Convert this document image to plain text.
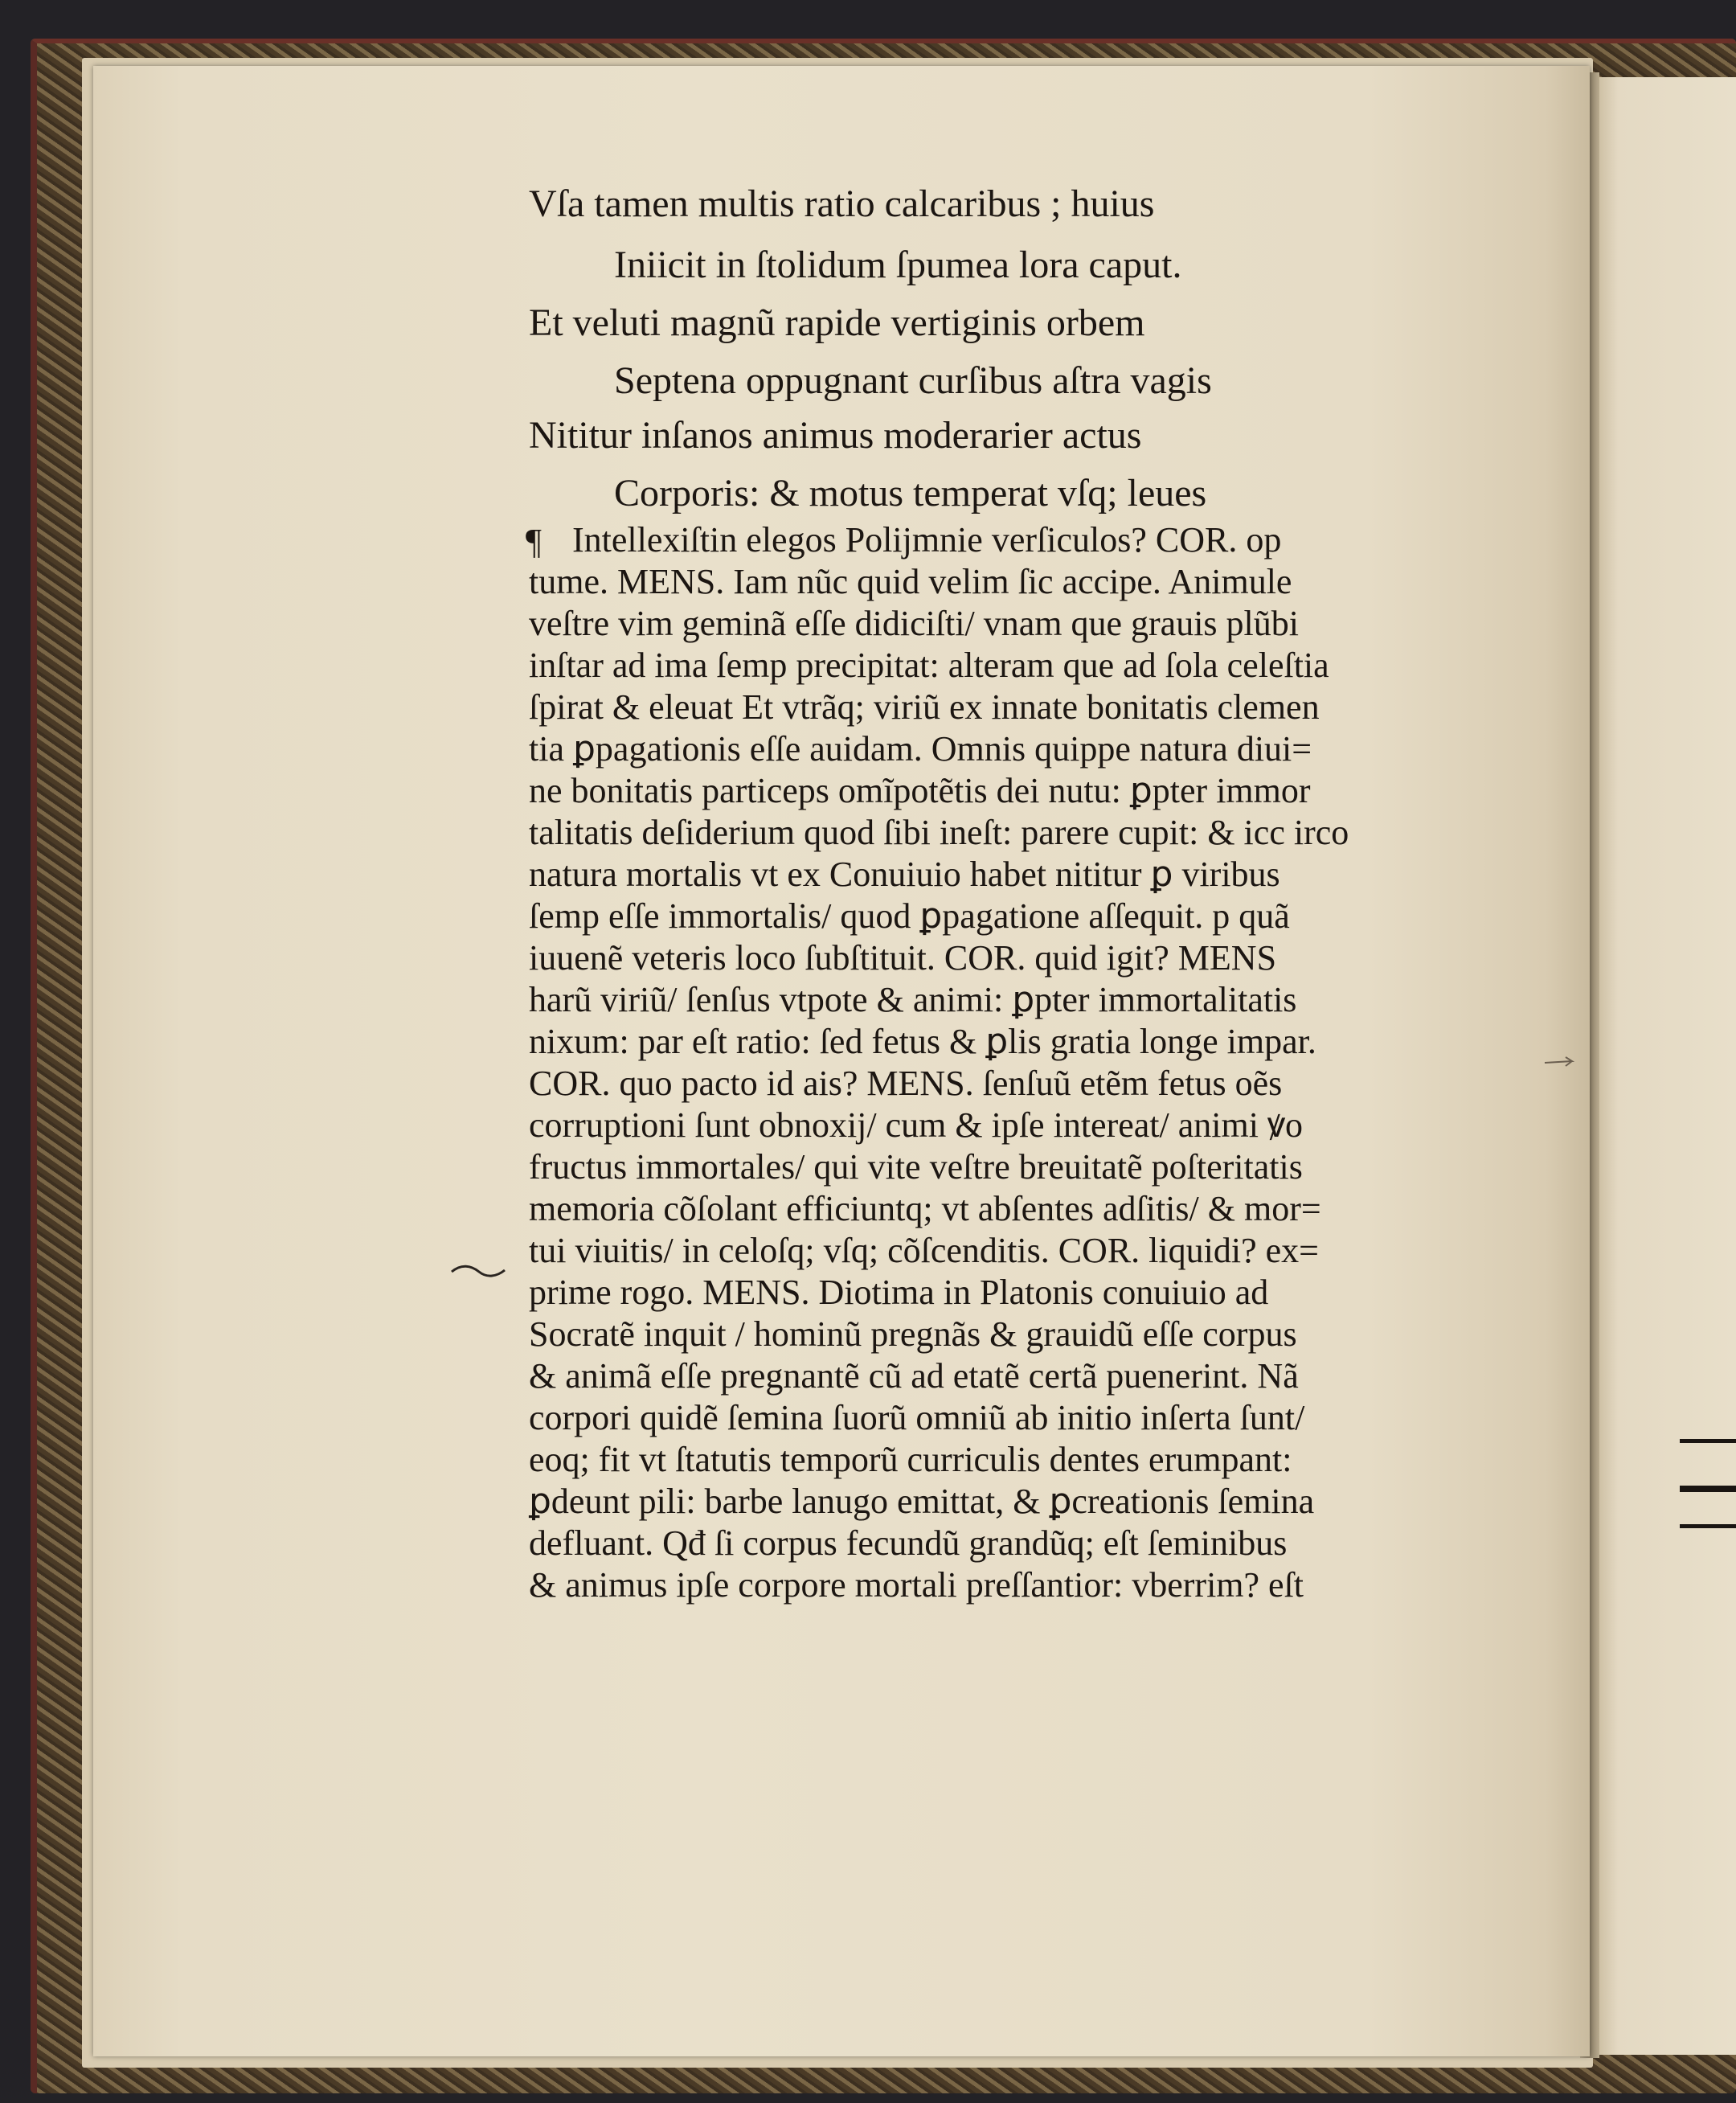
Vſa tamen multis ratio calcaribus ; huius
Iniicit in ſtolidum ſpumea lora caput.
Et veluti magnũ rapide vertiginis orbem
Septena oppugnant curſibus aſtra vagis
Nititur inſanos animus moderarier actus
Corporis: & motus temperat vſq; leues
¶ Intellexiſtin elegos Polijmnie verſiculos? COR. op
tume. MENS. Iam nũc quid velim ſic accipe. Animule
veſtre vim geminã eſſe didiciſti/ vnam que grauis plũbi
inſtar ad ima ſemp precipitat: alteram que ad ſola celeſtia
ſpirat & eleuat Et vtrãq; viriũ ex innate bonitatis clemen
tia ꝑpagationis eſſe auidam. Omnis quippe natura diui=
ne bonitatis particeps omĩpotẽtis dei nutu: ꝑpter immor
talitatis deſiderium quod ſibi ineſt: parere cupit: & icc irco
natura mortalis vt ex Conuiuio habet nititur ꝑ viribus
ſemp eſſe immortalis/ quod ꝑpagatione aſſequit. p quã
iuuenẽ veteris loco ſubſtituit. COR. quid igit? MENS
harũ viriũ/ ſenſus vtpote & animi: ꝑpter immortalitatis
nixum: par eſt ratio: ſed fetus & ꝑlis gratia longe impar.
COR. quo pacto id ais? MENS. ſenſuũ etẽm fetus oẽs
corruptioni ſunt obnoxij/ cum & ipſe intereat/ animi ꝟo
fructus immortales/ qui vite veſtre breuitatẽ poſteritatis
memoria cõſolant efficiuntq; vt abſentes adſitis/ & mor=
tui viuitis/ in celoſq; vſq; cõſcenditis. COR. liquidi? ex=
prime rogo. MENS. Diotima in Platonis conuiuio ad
Socratẽ inquit / hominũ pregnãs & grauidũ eſſe corpus
& animã eſſe pregnantẽ cũ ad etatẽ certã puenerint. Nã
corpori quidẽ ſemina ſuorũ omniũ ab initio inſerta ſunt/
eoq; fit vt ſtatutis temporũ curriculis dentes erumpant:
ꝑdeunt pili: barbe lanugo emittat, & ꝑcreationis ſemina
defluant. Qđ ſi corpus fecundũ grandũq; eſt ſeminibus
& animus ipſe corpore mortali preſſantior: vberrim? eſt
